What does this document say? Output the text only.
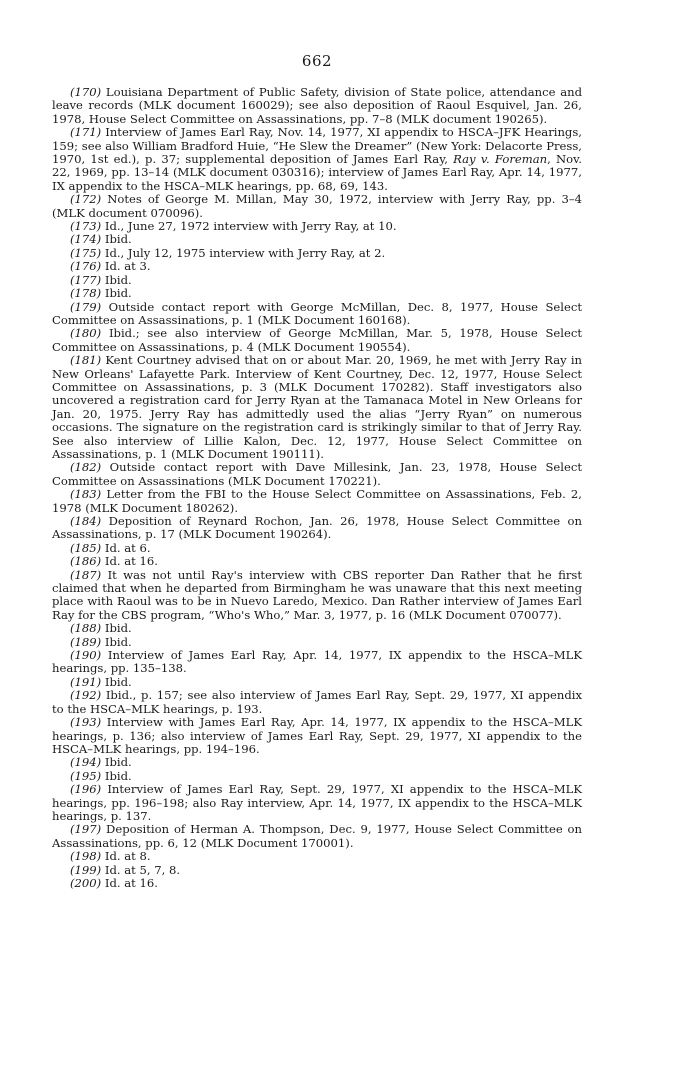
662

(170) Louisiana Department of Public Safety, division of State police, attendance and leave records (MLK document 160029); see also deposition of Raoul Esquivel, Jan. 26, 1978, House Select Committee on Assassinations, pp. 7–8 (MLK document 190265).

(171) Interview of James Earl Ray, Nov. 14, 1977, XI appendix to HSCA–JFK Hearings, 159; see also William Bradford Huie, “He Slew the Dreamer” (New York: Delacorte Press, 1970, 1st ed.), p. 37; supplemental deposition of James Earl Ray, Ray v. Foreman, Nov. 22, 1969, pp. 13–14 (MLK document 030316); interview of James Earl Ray, Apr. 14, 1977, IX appendix to the HSCA–MLK hearings, pp. 68, 69, 143.

(172) Notes of George M. Millan, May 30, 1972, interview with Jerry Ray, pp. 3–4 (MLK document 070096).

(173) Id., June 27, 1972 interview with Jerry Ray, at 10.

(174) Ibid.

(175) Id., July 12, 1975 interview with Jerry Ray, at 2.

(176) Id. at 3.

(177) Ibid.

(178) Ibid.

(179) Outside contact report with George McMillan, Dec. 8, 1977, House Select Committee on Assassinations, p. 1 (MLK Document 160168).

(180) Ibid.; see also interview of George McMillan, Mar. 5, 1978, House Select Committee on Assassinations, p. 4 (MLK Document 190554).

(181) Kent Courtney advised that on or about Mar. 20, 1969, he met with Jerry Ray in New Orleans' Lafayette Park. Interview of Kent Courtney, Dec. 12, 1977, House Select Committee on Assassinations, p. 3 (MLK Document 170282). Staff investigators also uncovered a registration card for Jerry Ryan at the Tamanaca Motel in New Orleans for Jan. 20, 1975. Jerry Ray has admittedly used the alias “Jerry Ryan” on numerous occasions. The signature on the registration card is strikingly similar to that of Jerry Ray. See also interview of Lillie Kalon, Dec. 12, 1977, House Select Committee on Assassinations, p. 1 (MLK Document 190111).

(182) Outside contact report with Dave Millesink, Jan. 23, 1978, House Select Committee on Assassinations (MLK Document 170221).

(183) Letter from the FBI to the House Select Committee on Assassinations, Feb. 2, 1978 (MLK Document 180262).

(184) Deposition of Reynard Rochon, Jan. 26, 1978, House Select Committee on Assassinations, p. 17 (MLK Document 190264).

(185) Id. at 6.

(186) Id. at 16.

(187) It was not until Ray's interview with CBS reporter Dan Rather that he first claimed that when he departed from Birmingham he was unaware that this next meeting place with Raoul was to be in Nuevo Laredo, Mexico. Dan Rather interview of James Earl Ray for the CBS program, “Who's Who,” Mar. 3, 1977, p. 16 (MLK Document 070077).

(188) Ibid.

(189) Ibid.

(190) Interview of James Earl Ray, Apr. 14, 1977, IX appendix to the HSCA–MLK hearings, pp. 135–138.

(191) Ibid.

(192) Ibid., p. 157; see also interview of James Earl Ray, Sept. 29, 1977, XI appendix to the HSCA–MLK hearings, p. 193.

(193) Interview with James Earl Ray, Apr. 14, 1977, IX appendix to the HSCA–MLK hearings, p. 136; also interview of James Earl Ray, Sept. 29, 1977, XI appendix to the HSCA–MLK hearings, pp. 194–196.

(194) Ibid.

(195) Ibid.

(196) Interview of James Earl Ray, Sept. 29, 1977, XI appendix to the HSCA–MLK hearings, pp. 196–198; also Ray interview, Apr. 14, 1977, IX appendix to the HSCA–MLK hearings, p. 137.

(197) Deposition of Herman A. Thompson, Dec. 9, 1977, House Select Committee on Assassinations, pp. 6, 12 (MLK Document 170001).

(198) Id. at 8.

(199) Id. at 5, 7, 8.

(200) Id. at 16.
